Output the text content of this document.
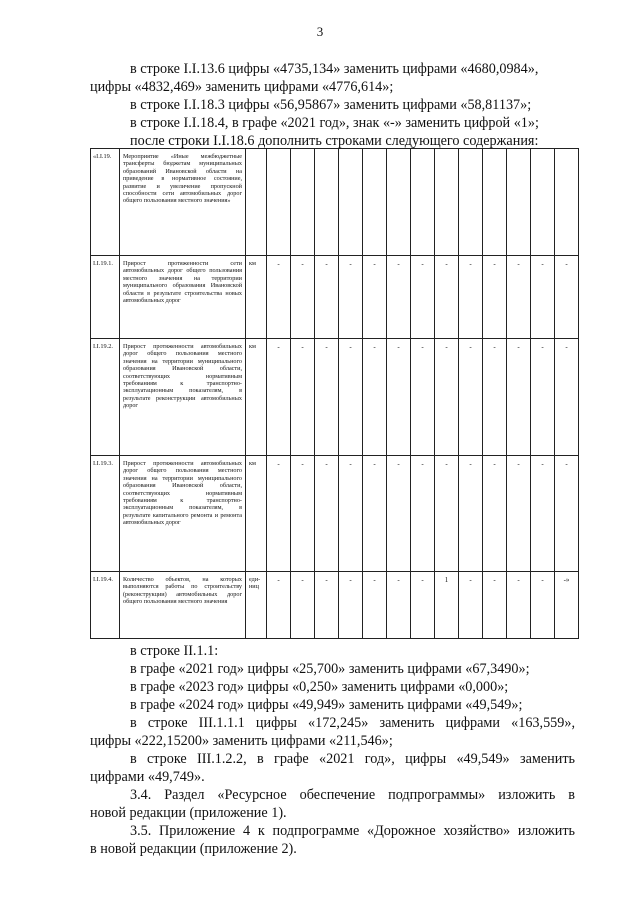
3
в строке I.I.13.6 цифры «4735,134» заменить цифрами «4680,0984»,
цифры «4832,469» заменить цифрами «4776,614»;
в строке I.I.18.3 цифры «56,95867» заменить цифрами «58,81137»;
в строке I.I.18.4, в графе «2021 год», знак «-» заменить цифрой «1»;
после строки I.I.18.6 дополнить строками следующего содержания:
«I.I.19.	Мероприятие «Иные межбюджетные трансферты бюджетам муниципальных образований Ивановской области на приведение в нормативное состояние, развитие и увеличение пропускной способности сети автомобильных дорог общего пользования местного значения»														
I.I.19.1.	Прирост протяженности сети автомобильных дорог общего пользования местного значения на территории муниципального образования Ивановской области в результате строительства новых автомобильных дорог	км	-	-	-	-	-	-	-	-	-	-	-	-	-
I.I.19.2.	Прирост протяженности автомобильных дорог общего пользования местного значения на территории муниципального образования Ивановской области, соответствующих нормативным требованиям к транспортно-эксплуатационным показателям, в результате реконструкции автомобильных дорог	км	-	-	-	-	-	-	-	-	-	-	-	-	-
I.I.19.3.	Прирост протяженности автомобильных дорог общего пользования местного значения на территории муниципального образования Ивановской области, соответствующих нормативным требованиям к транспортно-эксплуатационным показателям, в результате капитального ремонта и ремонта автомобильных дорог	км	-	-	-	-	-	-	-	-	-	-	-	-	-
I.I.19.4.	Количество объектов, на которых выполняются работы по строительству (реконструкции) автомобильных дорог общего пользования местного значения	еди-ниц	-	-	-	-	-	-	-	1	-	-	-	-	-»
в строке II.1.1:
в графе «2021 год» цифры «25,700» заменить цифрами «67,3490»;
в графе «2023 год» цифры «0,250» заменить цифрами «0,000»;
в графе «2024 год» цифры «49,949» заменить цифрами «49,549»;
в строке III.1.1.1 цифры «172,245» заменить цифрами «163,559»,
цифры «222,15200» заменить цифрами «211,546»;
в строке III.1.2.2, в графе «2021 год», цифры «49,549» заменить
цифрами «49,749».
3.4. Раздел «Ресурсное обеспечение подпрограммы» изложить в
новой редакции (приложение 1).
3.5. Приложение 4 к подпрограмме «Дорожное хозяйство» изложить
в новой редакции (приложение 2).
